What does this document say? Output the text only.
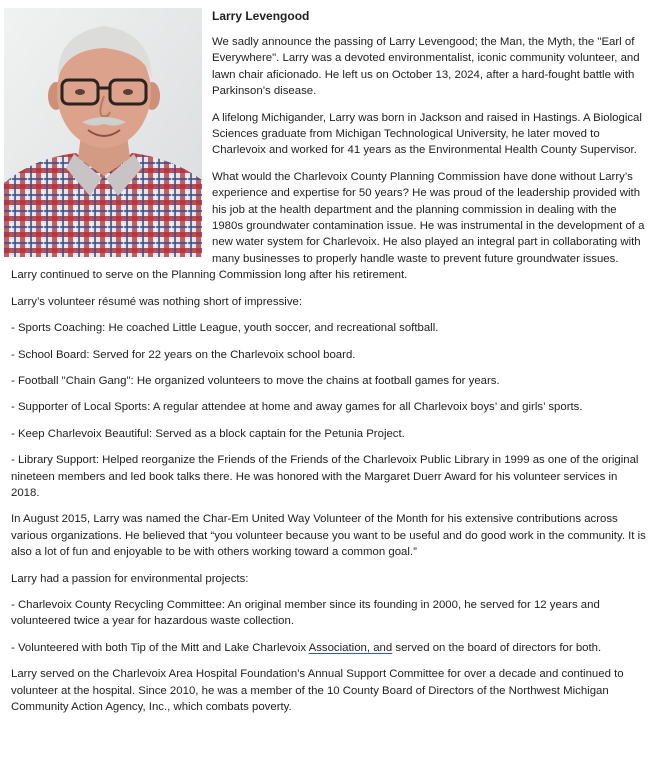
Larry Levengood

We sadly announce the passing of Larry Levengood; the Man, the Myth, the "Earl of Everywhere". Larry was a devoted environmentalist, iconic community volunteer, and lawn chair aficionado. He left us on October 13, 2024, after a hard-fought battle with Parkinson’s disease.

A lifelong Michigander, Larry was born in Jackson and raised in Hastings. A Biological Sciences graduate from Michigan Technological University, he later moved to Charlevoix and worked for 41 years as the Environmental Health County Supervisor.

What would the Charlevoix County Planning Commission have done without Larry’s experience and expertise for 50 years? He was proud of the leadership provided with his job at the health department and the planning commission in dealing with the 1980s groundwater contamination issue. He was instrumental in the development of a new water system for Charlevoix. He also played an integral part in collaborating with many businesses to properly handle waste to prevent future groundwater issues. Larry continued to serve on the Planning Commission long after his retirement.

Larry’s volunteer résumé was nothing short of impressive:

- Sports Coaching: He coached Little League, youth soccer, and recreational softball.

- School Board: Served for 22 years on the Charlevoix school board.

- Football "Chain Gang": He organized volunteers to move the chains at football games for years.

- Supporter of Local Sports: A regular attendee at home and away games for all Charlevoix boys’ and girls’ sports.

- Keep Charlevoix Beautiful: Served as a block captain for the Petunia Project.

- Library Support: Helped reorganize the Friends of the Friends of the Charlevoix Public Library in 1999 as one of the original nineteen members and led book talks there. He was honored with the Margaret Duerr Award for his volunteer services in 2018.

In August 2015, Larry was named the Char-Em United Way Volunteer of the Month for his extensive contributions across various organizations. He believed that “you volunteer because you want to be useful and do good work in the community. It is also a lot of fun and enjoyable to be with others working toward a common goal.”

Larry had a passion for environmental projects:

- Charlevoix County Recycling Committee: An original member since its founding in 2000, he served for 12 years and volunteered twice a year for hazardous waste collection.

- Volunteered with both Tip of the Mitt and Lake Charlevoix Association, and served on the board of directors for both.

Larry served on the Charlevoix Area Hospital Foundation's Annual Support Committee for over a decade and continued to volunteer at the hospital. Since 2010, he was a member of the 10 County Board of Directors of the Northwest Michigan Community Action Agency, Inc., which combats poverty.
